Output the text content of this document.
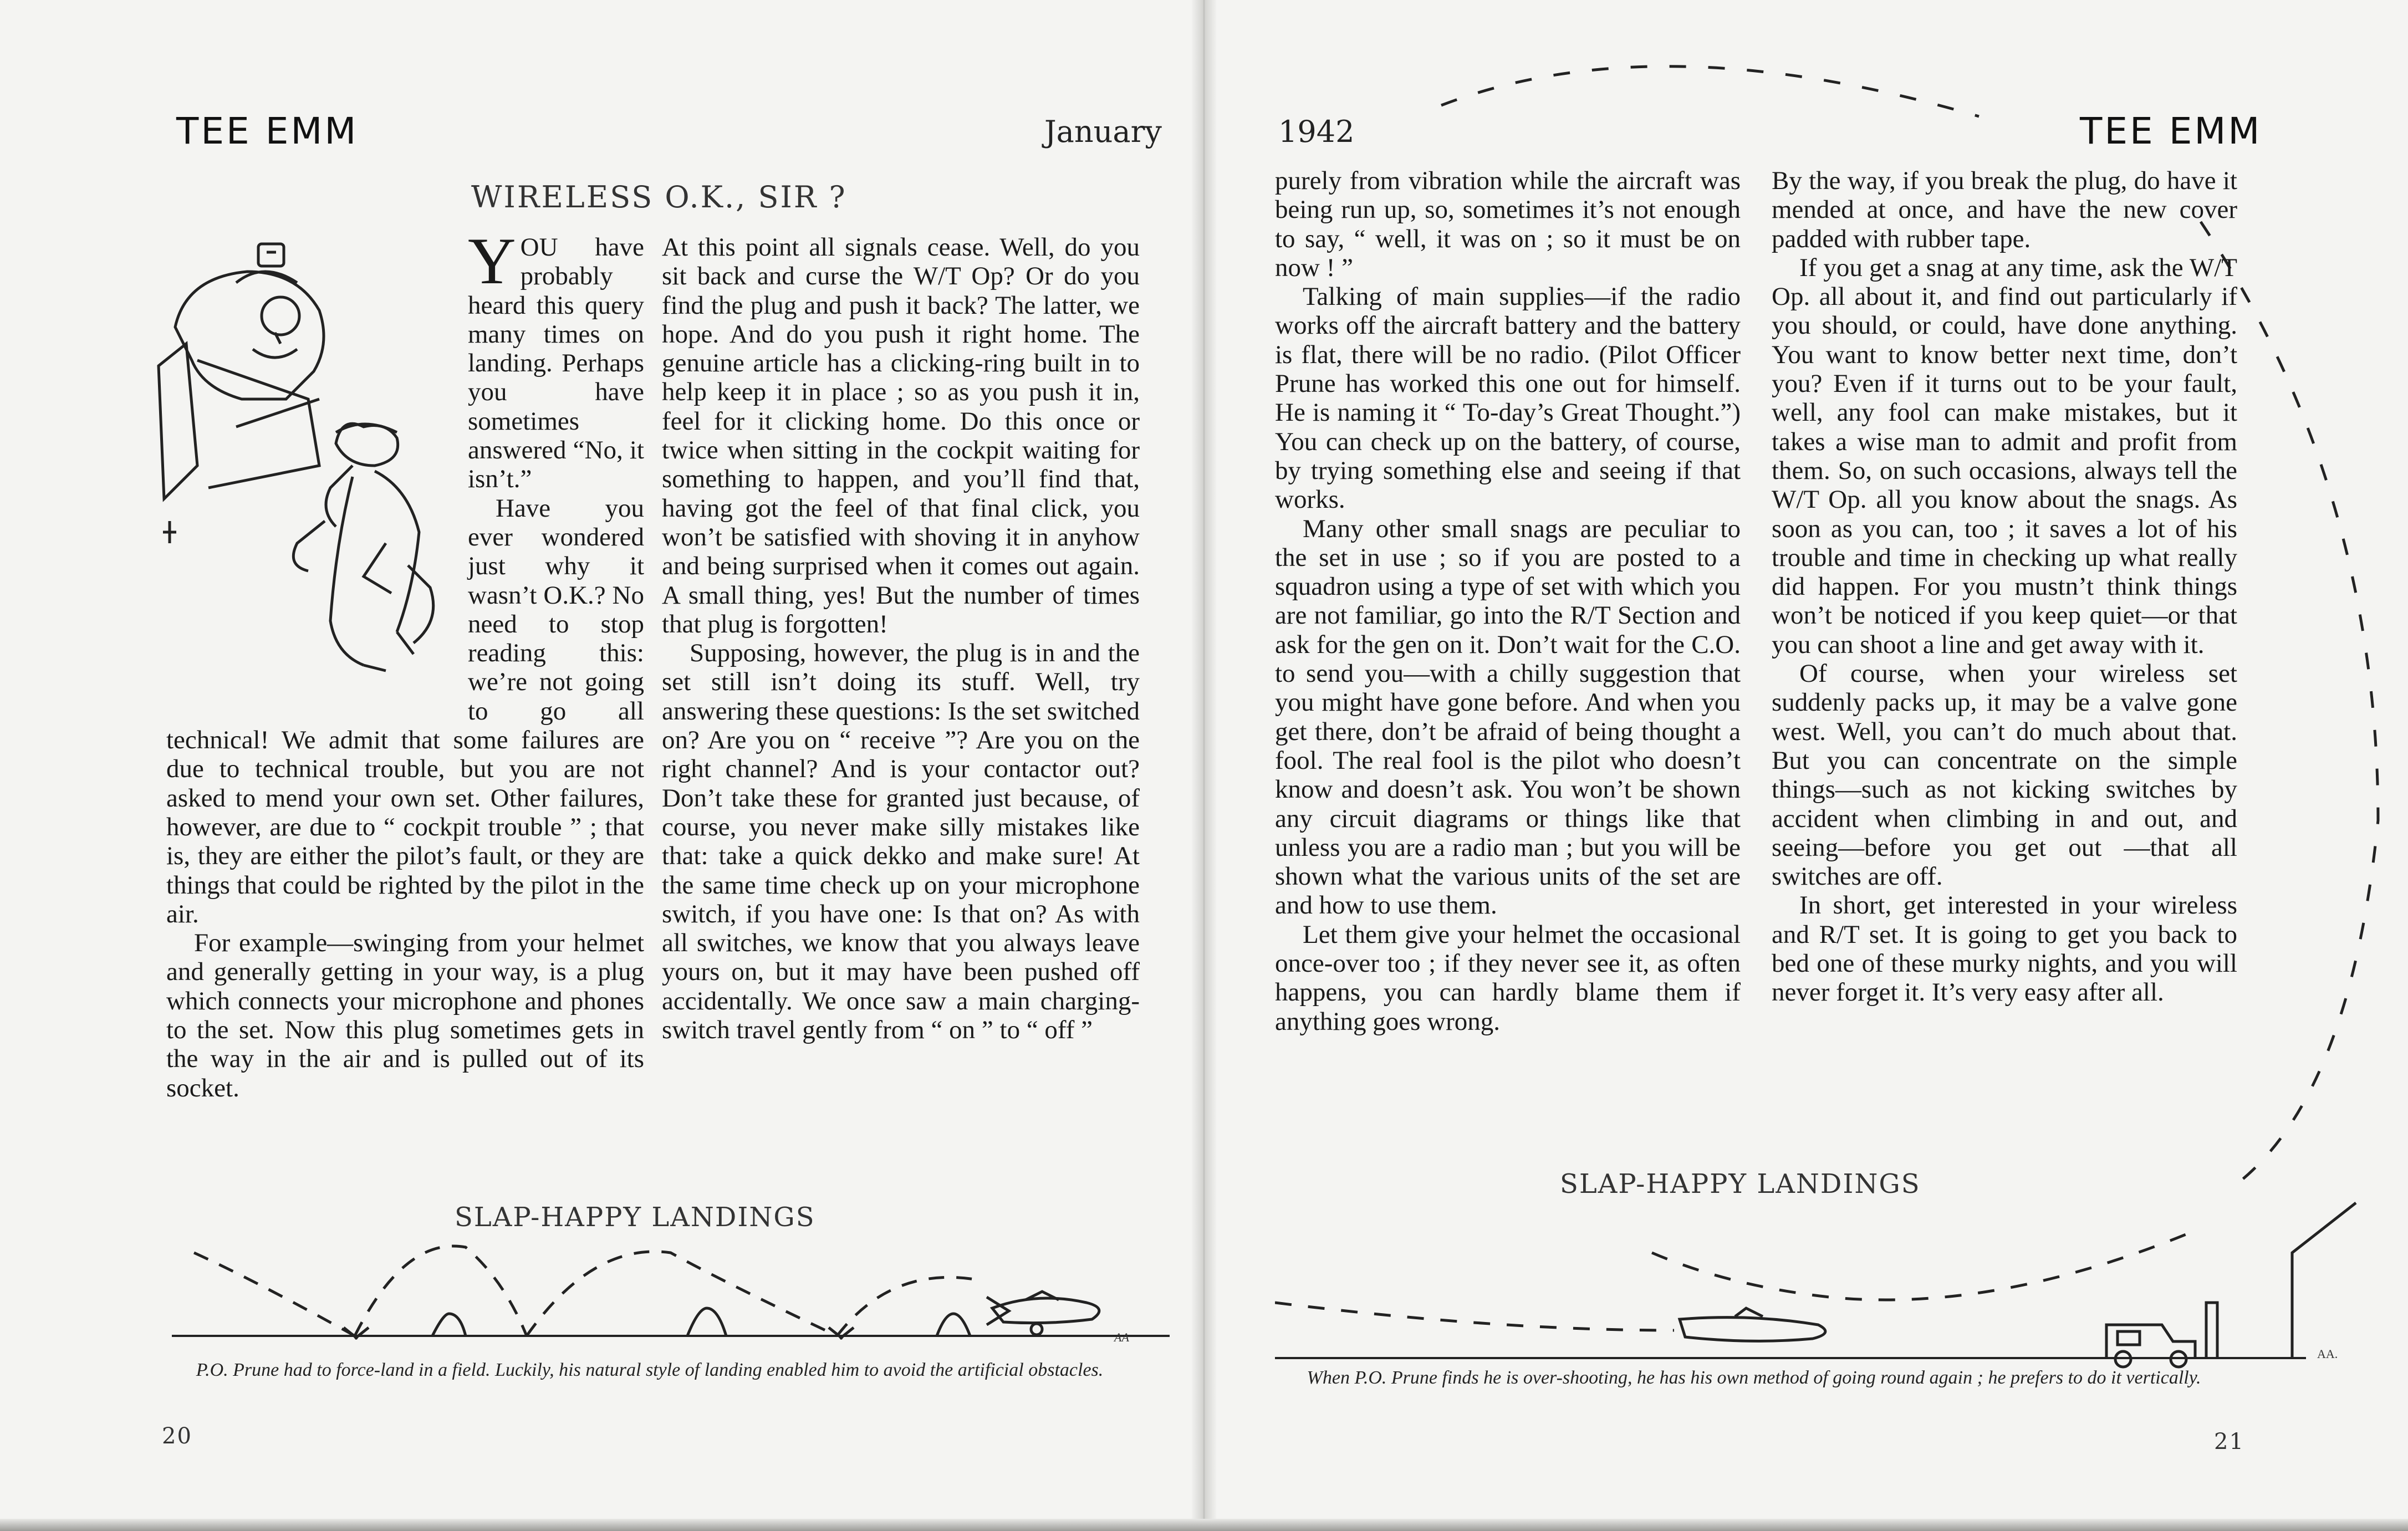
TEE EMM	January
WIRELESS O.K., SIR ?

YOU have probably heard this query many times on landing. Perhaps you have sometimes answered “No, it isn’t.”

Have you ever wondered just why it wasn’t O.K.? No need to stop reading this: we’re not going to go all technical! We admit that some failures are due to technical trouble, but you are not asked to mend your own set. Other failures, however, are due to “ cockpit trouble ” ; that is, they are either the pilot’s fault, or they are things that could be righted by the pilot in the air.

For example—swinging from your helmet and generally getting in your way, is a plug which connects your microphone and phones to the set. Now this plug sometimes gets in the way in the air and is pulled out of its socket.

At this point all signals cease. Well, do you sit back and curse the W/T Op? Or do you find the plug and push it back? The latter, we hope. And do you push it right home. The genuine article has a clicking-ring built in to help keep it in place ; so as you push it in, feel for it clicking home. Do this once or twice when sitting in the cockpit waiting for something to happen, and you’ll find that, having got the feel of that final click, you won’t be satisfied with shoving it in anyhow and being surprised when it comes out again. A small thing, yes! But the number of times that plug is forgotten!

Supposing, however, the plug is in and the set still isn’t doing its stuff. Well, try answering these questions: Is the set switched on? Are you on “ receive ”? Are you on the right channel? And is your contactor out? Don’t take these for granted just because, of course, you never make silly mistakes like that: take a quick dekko and make sure! At the same time check up on your microphone switch, if you have one: Is that on? As with all switches, we know that you always leave yours on, but it may have been pushed off accidentally. We once saw a main charging-switch travel gently from “ on ” to “ off ”

SLAP-HAPPY LANDINGS
AA
P.O. Prune had to force-land in a field. Luckily, his natural style of landing enabled him to avoid the artificial obstacles.
20
1942	TEE EMM

purely from vibration while the aircraft was being run up, so, sometimes it’s not enough to say, “ well, it was on ; so it must be on now ! ”

Talking of main supplies—if the radio works off the aircraft battery and the battery is flat, there will be no radio. (Pilot Officer Prune has worked this one out for himself. He is naming it “ To-day’s Great Thought.”) You can check up on the battery, of course, by trying something else and seeing if that works.

Many other small snags are peculiar to the set in use ; so if you are posted to a squadron using a type of set with which you are not familiar, go into the R/T Section and ask for the gen on it. Don’t wait for the C.O. to send you—with a chilly suggestion that you might have gone before. And when you get there, don’t be afraid of being thought a fool. The real fool is the pilot who doesn’t know and doesn’t ask. You won’t be shown any circuit diagrams or things like that unless you are a radio man ; but you will be shown what the various units of the set are and how to use them.

Let them give your helmet the occasional once-over too ; if they never see it, as often happens, you can hardly blame them if anything goes wrong.

By the way, if you break the plug, do have it mended at once, and have the new cover padded with rubber tape.

If you get a snag at any time, ask the W/T Op. all about it, and find out particularly if you should, or could, have done anything. You want to know better next time, don’t you? Even if it turns out to be your fault, well, any fool can make mistakes, but it takes a wise man to admit and profit from them. So, on such occasions, always tell the W/T Op. all you know about the snags. As soon as you can, too ; it saves a lot of his trouble and time in checking up what really did happen. For you mustn’t think things won’t be noticed if you keep quiet—or that you can shoot a line and get away with it.

Of course, when your wireless set suddenly packs up, it may be a valve gone west. Well, you can’t do much about that. But you can concentrate on the simple things—such as not kicking switches by accident when climbing in and out, and seeing—before you get out —that all switches are off.

In short, get interested in your wireless and R/T set. It is going to get you back to bed one of these murky nights, and you will never forget it. It’s very easy after all.

SLAP-HAPPY LANDINGS
AA.
When P.O. Prune finds he is over-shooting, he has his own method of going round again ; he prefers to do it vertically.
21
